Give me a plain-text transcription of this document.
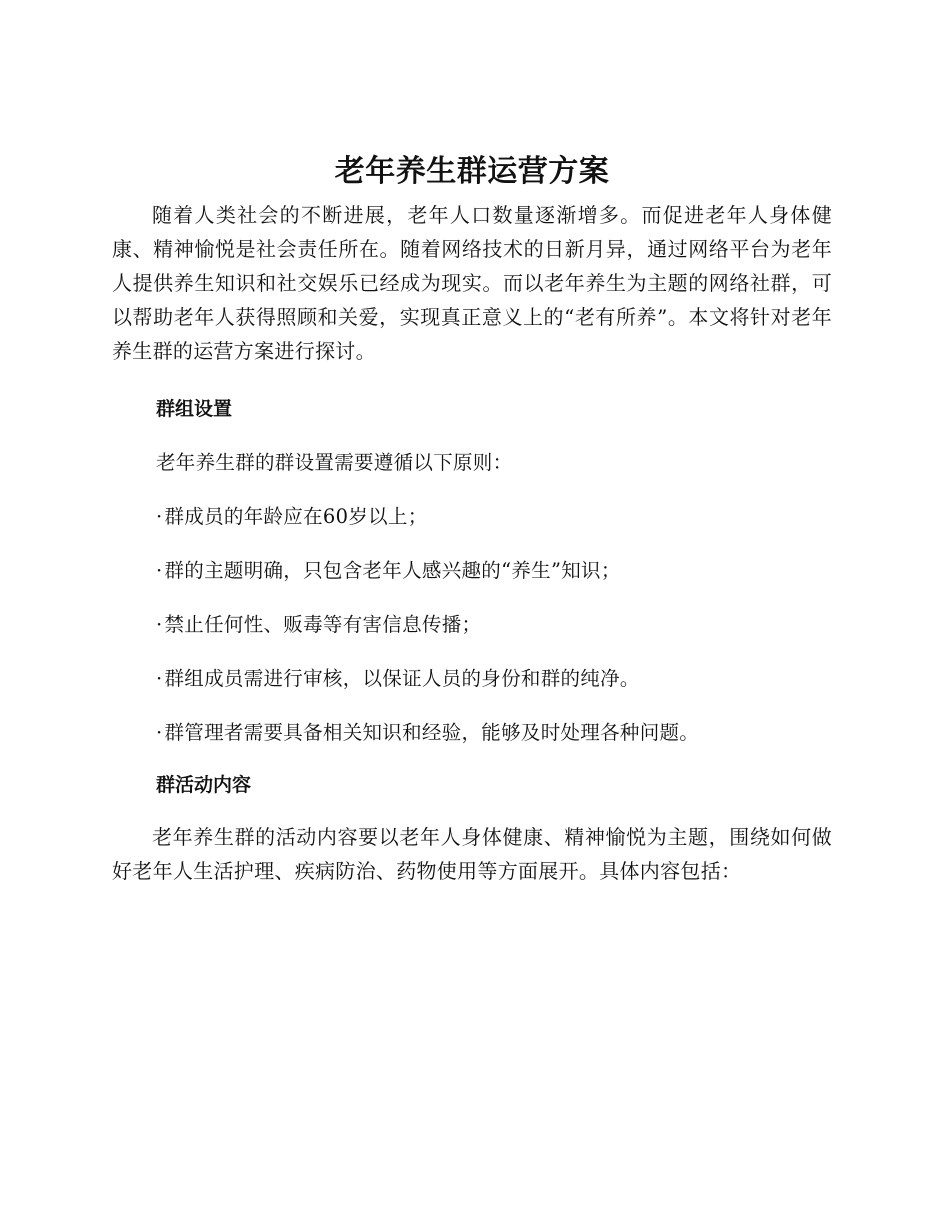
老年养生群运营方案

随着人类社会的不断进展，老年人口数量逐渐增多。而促进老年人身体健康、精神愉悦是社会责任所在。随着网络技术的日新月异，通过网络平台为老年人提供养生知识和社交娱乐已经成为现实。而以老年养生为主题的网络社群，可以帮助老年人获得照顾和关爱，实现真正意义上的“老有所养”。本文将针对老年养生群的运营方案进行探讨。

群组设置
老年养生群的群设置需要遵循以下原则：
· 群成员的年龄应在60岁以上；
· 群的主题明确，只包含老年人感兴趣的“养生”知识；
· 禁止任何性、贩毒等有害信息传播；
· 群组成员需进行审核，以保证人员的身份和群的纯净。
· 群管理者需要具备相关知识和经验，能够及时处理各种问题。
群活动内容

老年养生群的活动内容要以老年人身体健康、精神愉悦为主题，围绕如何做好老年人生活护理、疾病防治、药物使用等方面展开。具体内容包括：
